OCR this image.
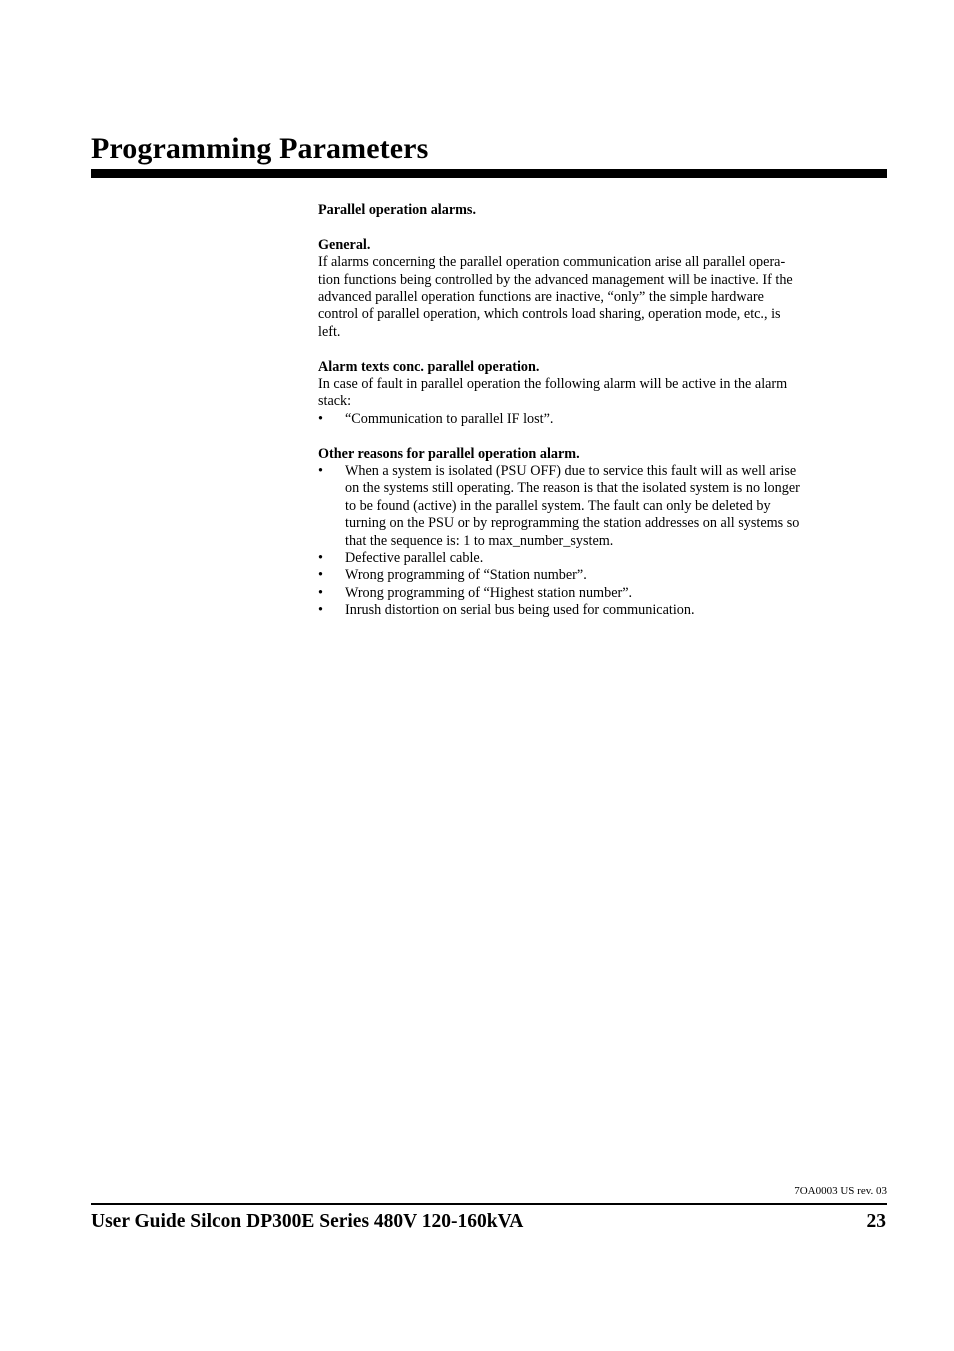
Programming Parameters
Parallel operation alarms.
General.

If alarms concerning the parallel operation communication arise all parallel opera-
tion functions being controlled by the advanced management will be inactive. If the
advanced parallel operation functions are inactive, “only” the simple hardware
control of parallel operation, which controls load sharing, operation mode, etc., is
left.

Alarm texts conc. parallel operation.

In case of fault in parallel operation the following alarm will be active in the alarm
stack:

• “Communication to parallel IF lost”.
Other reasons for parallel operation alarm.
• When a system is isolated (PSU OFF) due to service this fault will as well arise
on the systems still operating. The reason is that the isolated system is no longer
to be found (active) in the parallel system. The fault can only be deleted by
turning on the PSU or by reprogramming the station addresses on all systems so
that the sequence is: 1 to max_number_system.
• Defective parallel cable.
• Wrong programming of “Station number”.
• Wrong programming of “Highest station number”.
• Inrush distortion on serial bus being used for communication.
7OA0003 US rev. 03
User Guide Silcon DP300E Series 480V 120-160kVA	23
